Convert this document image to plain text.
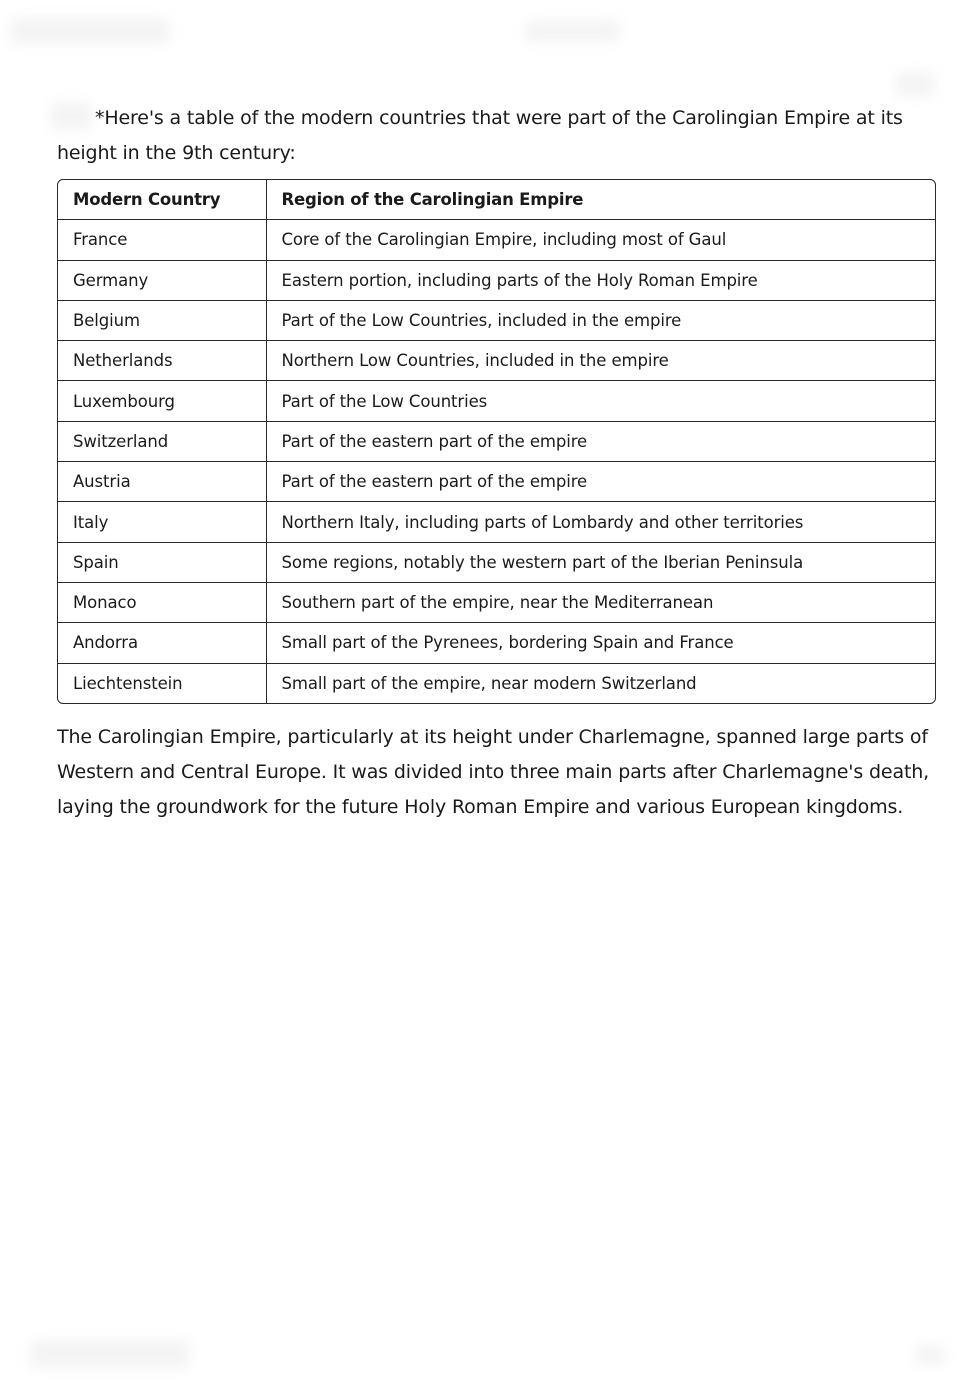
*Here's a table of the modern countries that were part of the Carolingian Empire at its height in the 9th century:
Modern Country	Region of the Carolingian Empire
France	Core of the Carolingian Empire, including most of Gaul
Germany	Eastern portion, including parts of the Holy Roman Empire
Belgium	Part of the Low Countries, included in the empire
Netherlands	Northern Low Countries, included in the empire
Luxembourg	Part of the Low Countries
Switzerland	Part of the eastern part of the empire
Austria	Part of the eastern part of the empire
Italy	Northern Italy, including parts of Lombardy and other territories
Spain	Some regions, notably the western part of the Iberian Peninsula
Monaco	Southern part of the empire, near the Mediterranean
Andorra	Small part of the Pyrenees, bordering Spain and France
Liechtenstein	Small part of the empire, near modern Switzerland
The Carolingian Empire, particularly at its height under Charlemagne, spanned large parts of Western and Central Europe. It was divided into three main parts after Charlemagne's death, laying the groundwork for the future Holy Roman Empire and various European kingdoms.
